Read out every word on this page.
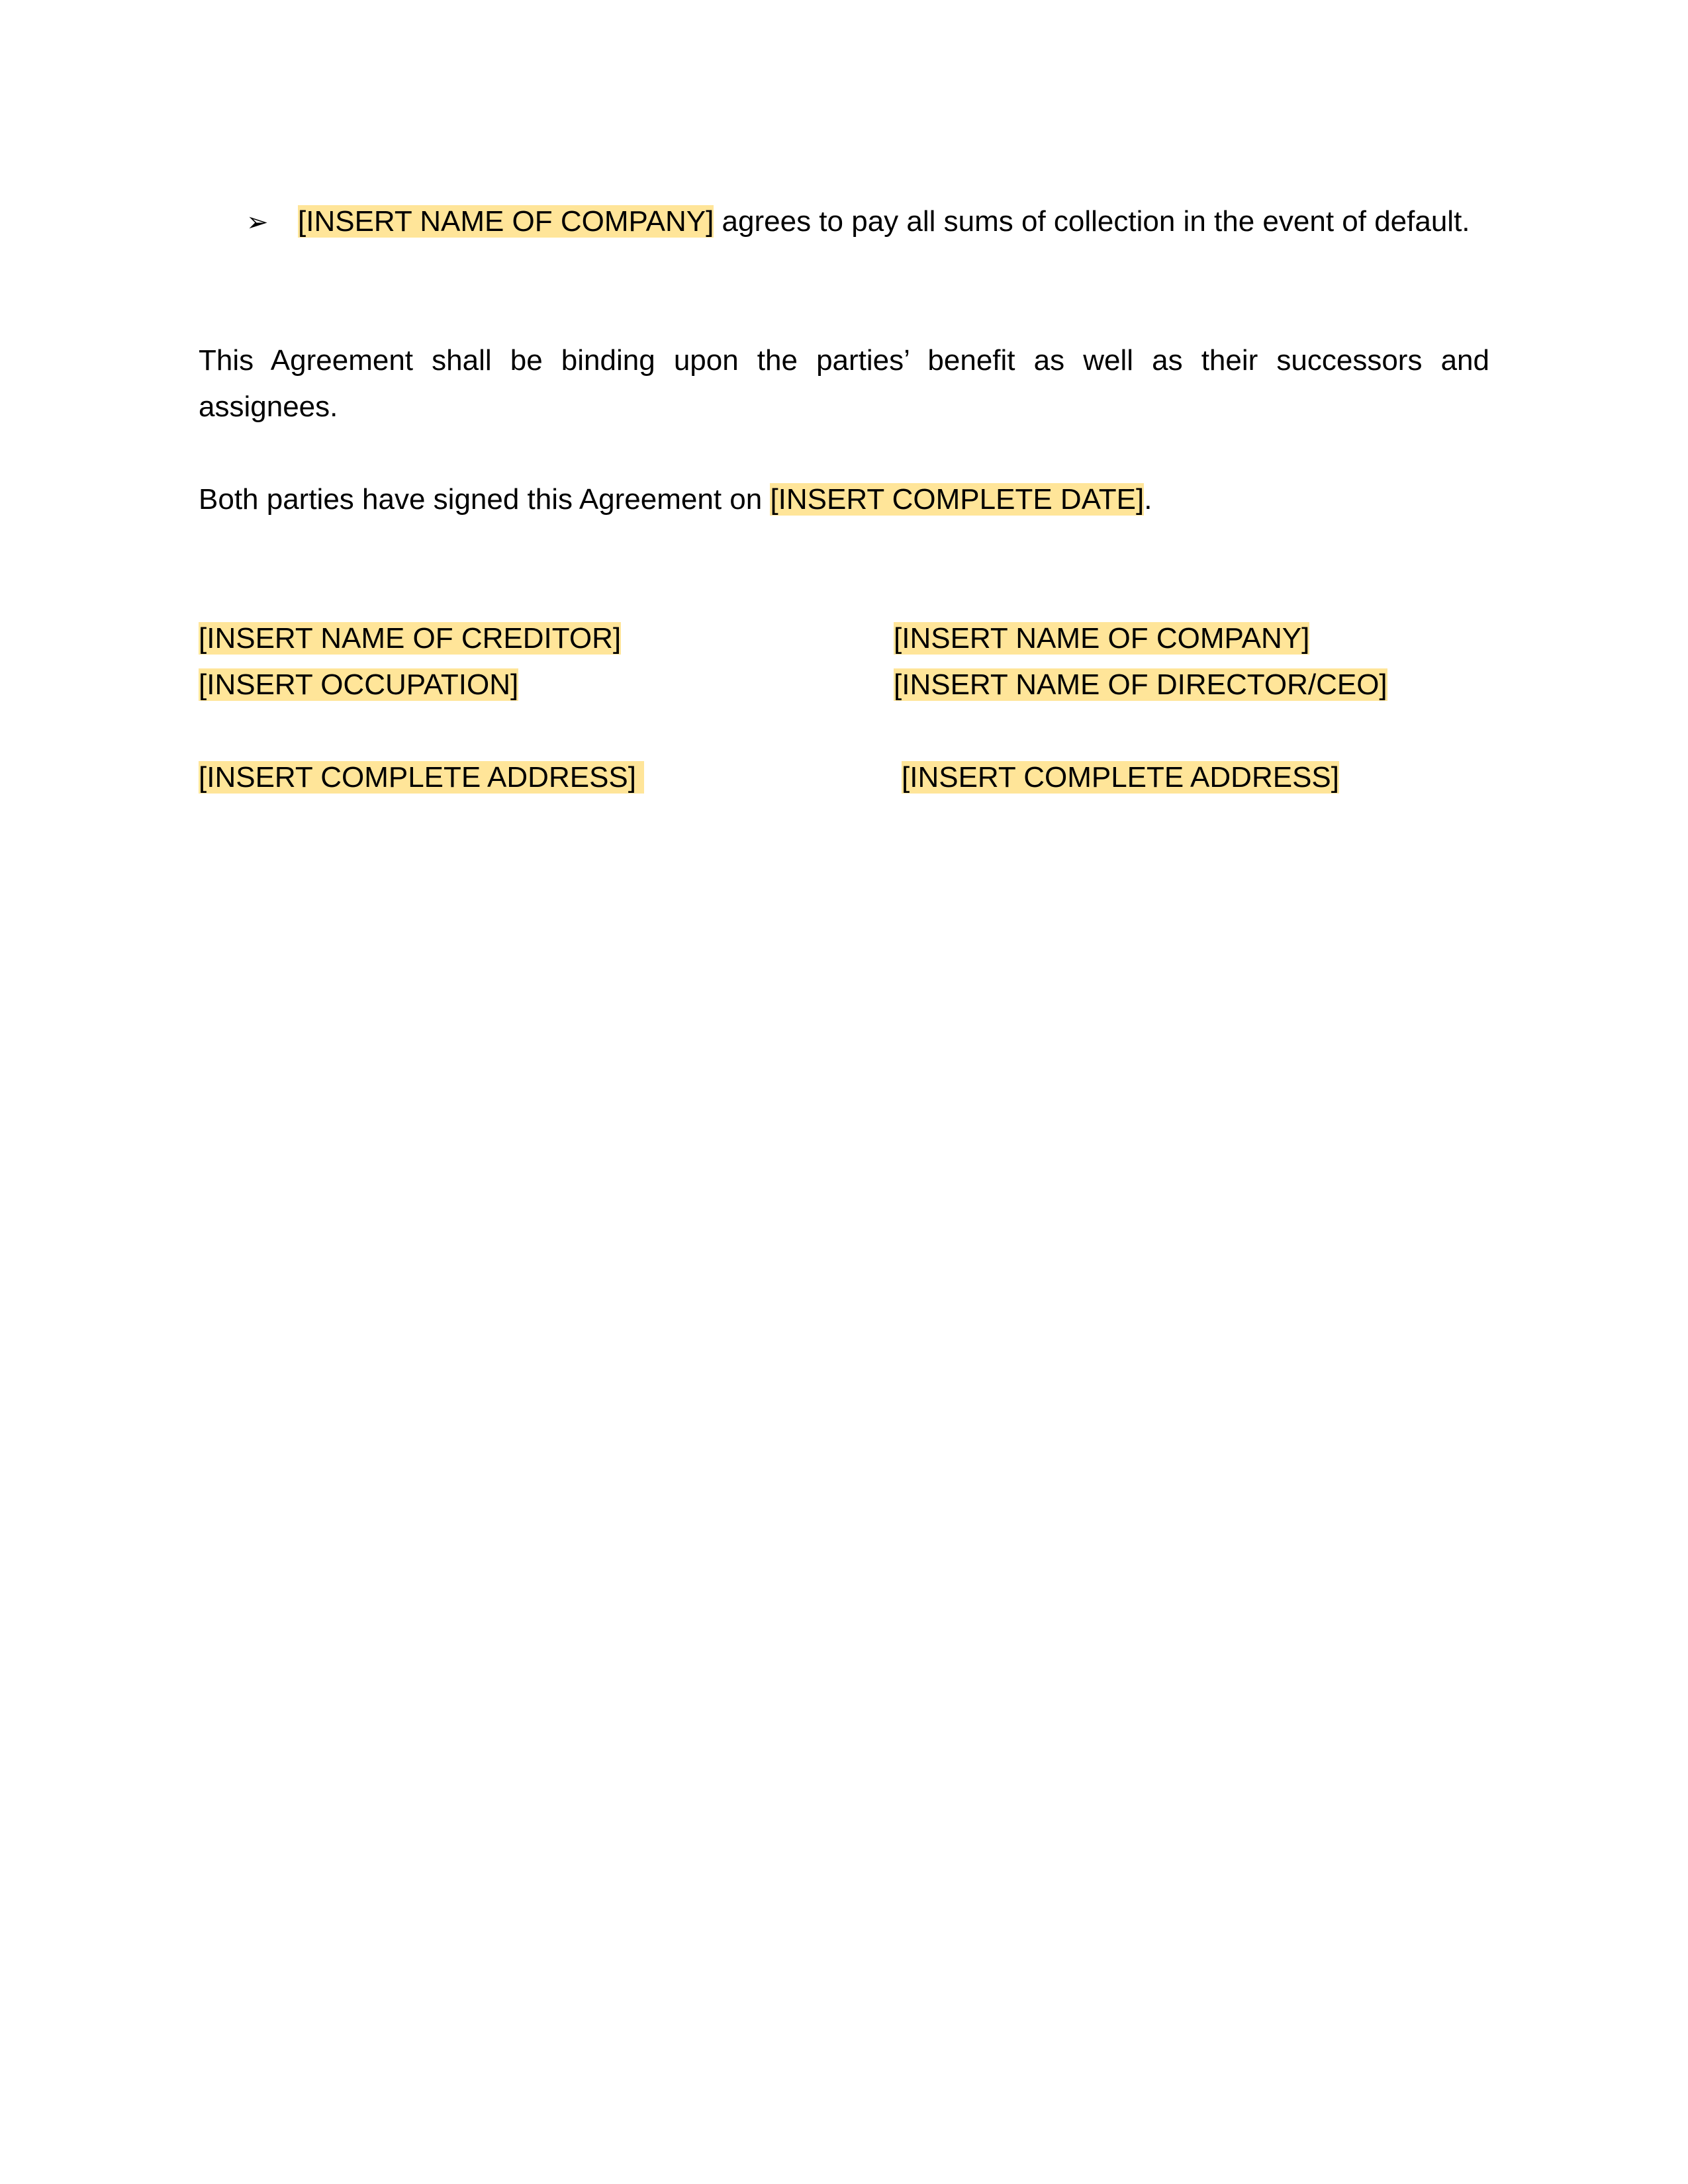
➢ [INSERT NAME OF COMPANY] agrees to pay all sums of collection in the event of default.
This Agreement shall be binding upon the parties’ benefit as well as their successors and assignees.
Both parties have signed this Agreement on [INSERT COMPLETE DATE].
[INSERT NAME OF CREDITOR]
[INSERT OCCUPATION]
[INSERT COMPLETE ADDRESS]
[INSERT NAME OF COMPANY]
[INSERT NAME OF DIRECTOR/CEO]
[INSERT COMPLETE ADDRESS]
